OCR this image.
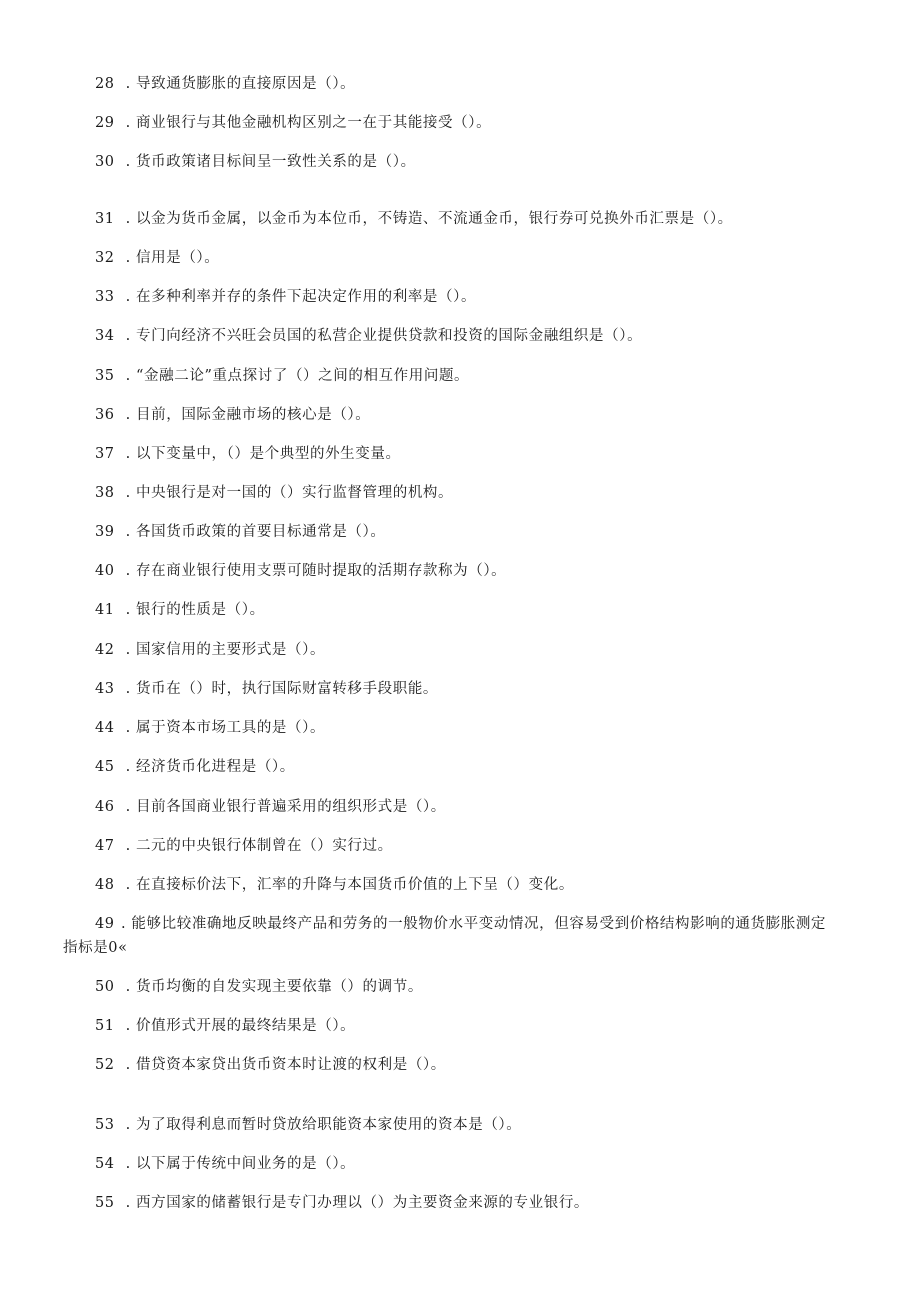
28 . 导致通货膨胀的直接原因是（）。
29 . 商业银行与其他金融机构区别之一在于其能接受（）。
30 . 货币政策诸目标间呈一致性关系的是（）。
31 . 以金为货币金属，以金币为本位币，不铸造、不流通金币，银行券可兑换外币汇票是（）。
32 . 信用是（）。
33 . 在多种利率并存的条件下起决定作用的利率是（）。
34 . 专门向经济不兴旺会员国的私营企业提供贷款和投资的国际金融组织是（）。
35 . “金融二论”重点探讨了（）之间的相互作用问题。
36 . 目前，国际金融市场的核心是（）。
37 . 以下变量中，（）是个典型的外生变量。
38 . 中央银行是对一国的（）实行监督管理的机构。
39 . 各国货币政策的首要目标通常是（）。
40 . 存在商业银行使用支票可随时提取的活期存款称为（）。
41 . 银行的性质是（）。
42 . 国家信用的主要形式是（）。
43 . 货币在（）时，执行国际财富转移手段职能。
44 . 属于资本市场工具的是（）。
45 . 经济货币化进程是（）。
46 . 目前各国商业银行普遍采用的组织形式是（）。
47 . 二元的中央银行体制曾在（）实行过。
48 . 在直接标价法下，汇率的升降与本国货币价值的上下呈（）变化。
49 . 能够比较准确地反映最终产品和劳务的一般物价水平变动情况，但容易受到价格结构影响的通货膨胀测定
指标是0«
50 . 货币均衡的自发实现主要依靠（）的调节。
51 . 价值形式开展的最终结果是（）。
52 . 借贷资本家贷出货币资本时让渡的权利是（）。
53 . 为了取得利息而暂时贷放给职能资本家使用的资本是（）。
54 . 以下属于传统中间业务的是（）。
55 . 西方国家的储蓄银行是专门办理以（）为主要资金来源的专业银行。
